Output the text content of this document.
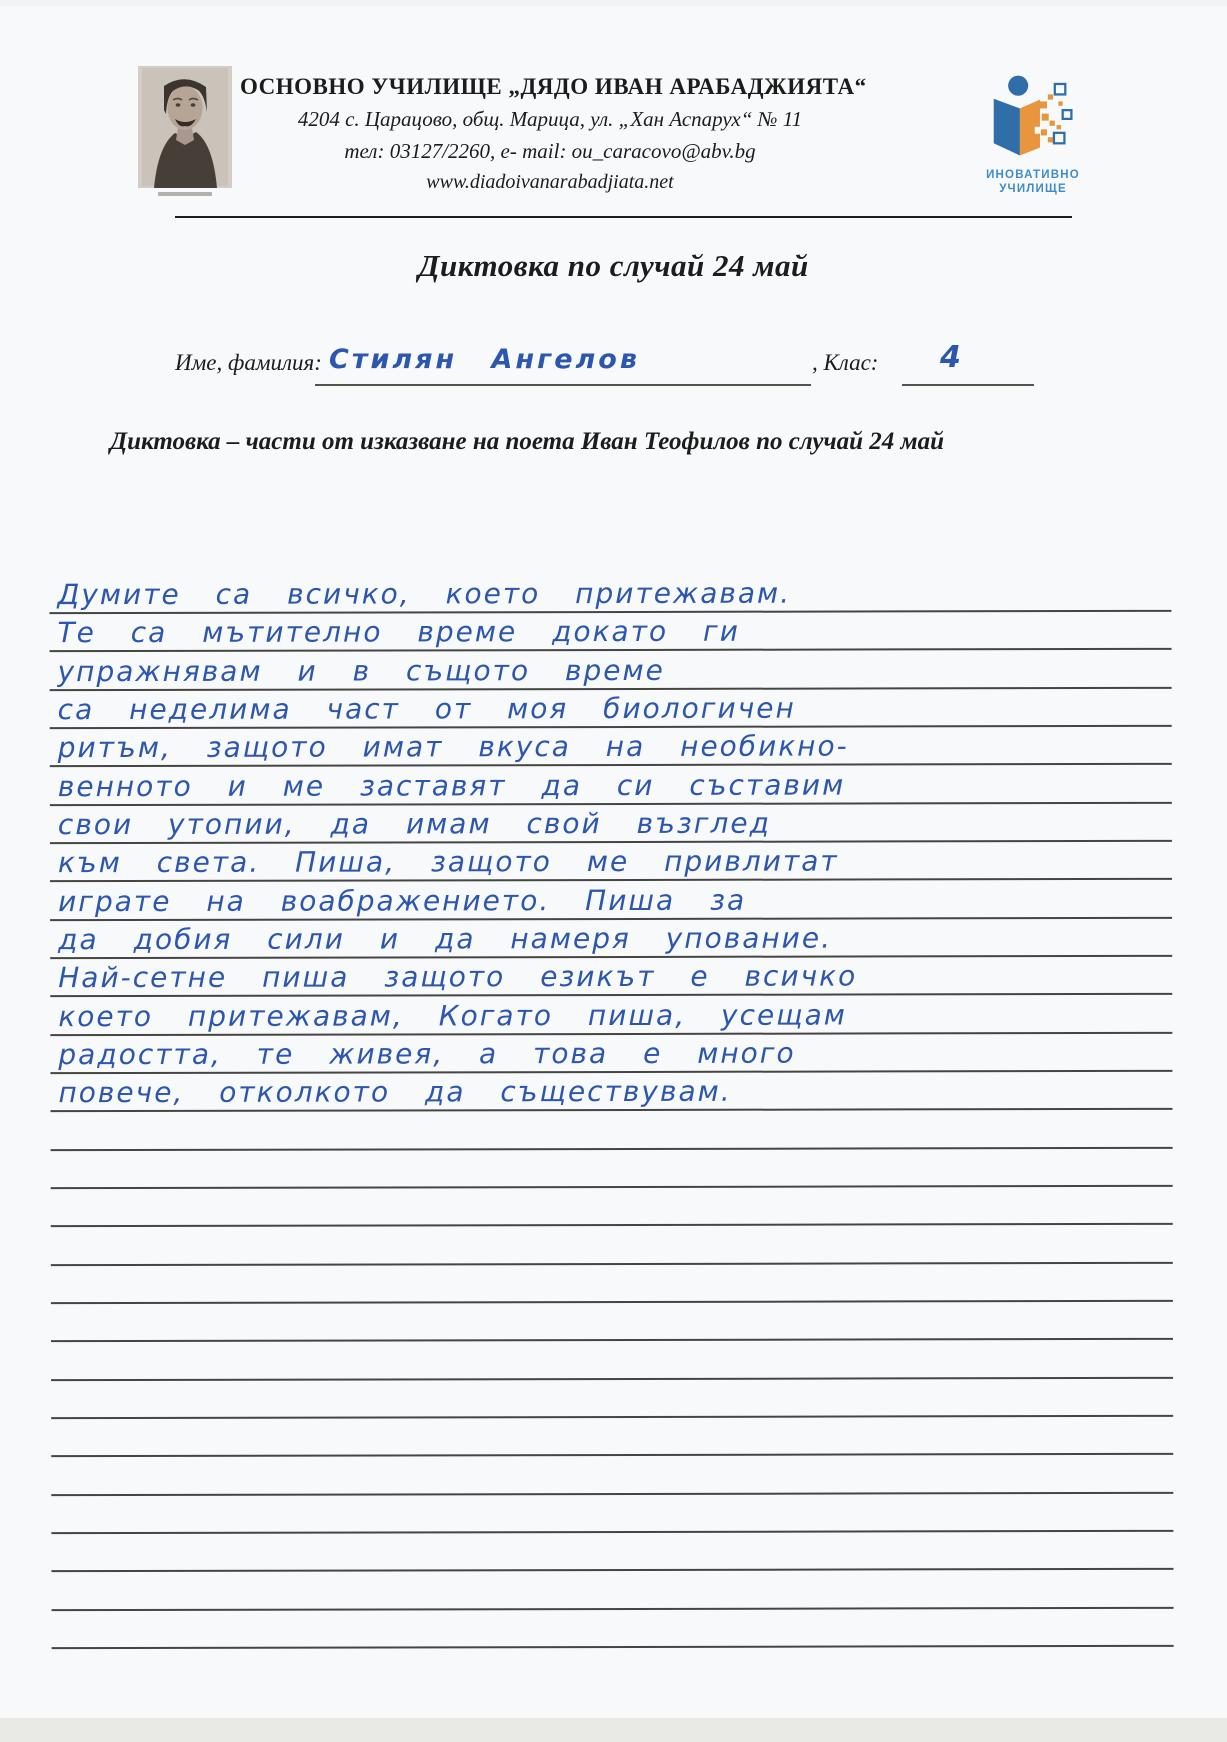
ОСНОВНО УЧИЛИЩЕ „ДЯДО ИВАН АРАБАДЖИЯТА“
4204 с. Царацово, общ. Марица, ул. „Хан Аспарух“ № 11
тел: 03127/2260, e- mail: ou_caracovo@abv.bg
www.diadoivanarabadjiata.net	ИНОВАТИВНО
УЧИЛИЩЕ
Диктовка по случай 24 май
Име, фамилия: Стилян Ангелов	, Клас: 4
Диктовка – части от изказване на поета Иван Теофилов по случай 24 май
Думите са всичко, което притежавам.
Те са мътително време докато ги
упражнявам и в същото време
са неделима част от моя биологичен
ритъм, защото имат вкуса на необикно-
венното и ме заставят да си съставим
свои утопии, да имам свой възглед
към света. Пиша, защото ме привлитат
играте на воабражението. Пиша за
да добия сили и да намеря упование.
Най-сетне пиша защото езикът е всичко
което притежавам, Когато пиша, усещам
радостта, те живея, а това е много
повече, отколкото да съществувам.
